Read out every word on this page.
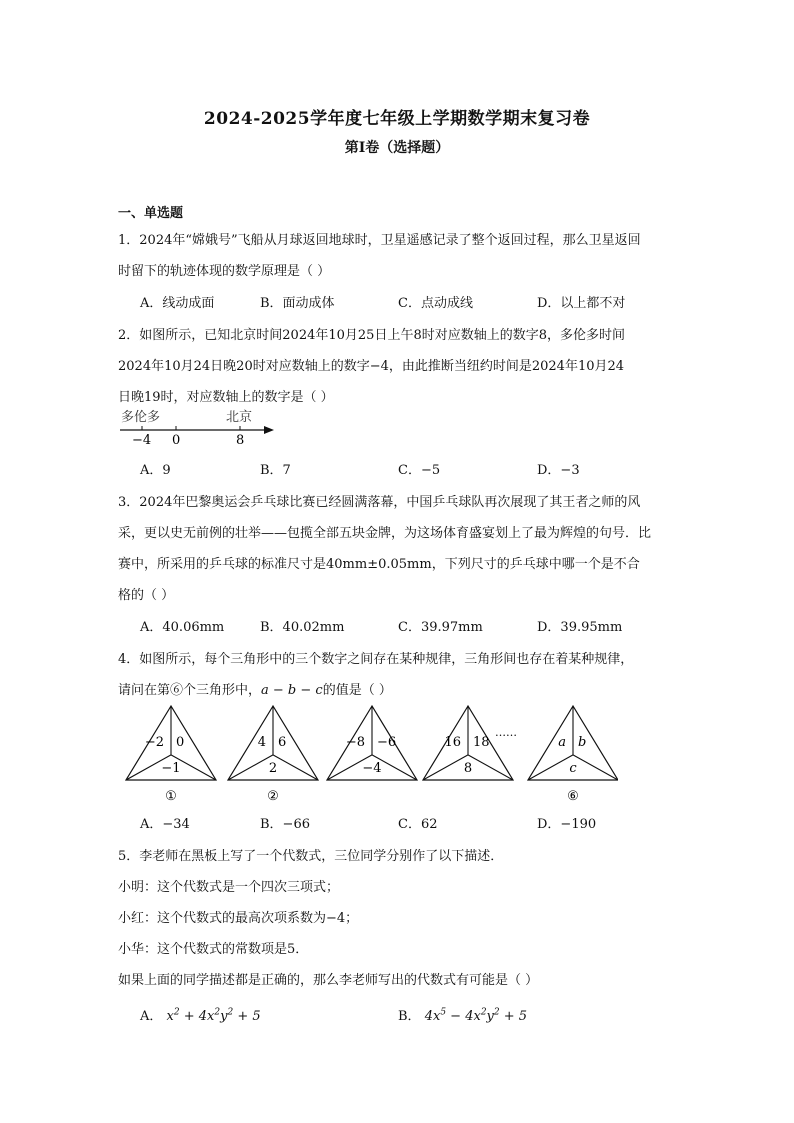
2024-2025学年度七年级上学期数学期末复习卷
第Ⅰ卷（选择题）
一、单选题
1．2024年“嫦娥号”飞船从月球返回地球时，卫星遥感记录了整个返回过程，那么卫星返回
时留下的轨迹体现的数学原理是（ ）
A．线动成面	B．面动成体	C．点动成线	D．以上都不对
2．如图所示，已知北京时间2024年10月25日上午8时对应数轴上的数字8，多伦多时间
2024年10月24日晚20时对应数轴上的数字−4，由此推断当纽约时间是2024年10月24
日晚19时，对应数轴上的数字是（ ）
多伦多	北京
−4 0	8
A．9	B．7	C．−5	D．−3
3．2024年巴黎奥运会乒乓球比赛已经圆满落幕，中国乒乓球队再次展现了其王者之师的风
采，更以史无前例的壮举——包揽全部五块金牌，为这场体育盛宴划上了最为辉煌的句号．比
赛中，所采用的乒乓球的标准尺寸是40mm±0.05mm，下列尺寸的乒乓球中哪一个是不合
格的（ ）
A．40.06mm	B．40.02mm	C．39.97mm	D．39.95mm
4．如图所示，每个三角形中的三个数字之间存在某种规律，三角形间也存在着某种规律，
请问在第⑥个三角形中，a − b − c的值是（ ）
−2 0
−1
①
4 6
2
②
−8 −6
−4
16 18
8
a b
c
⑥
……
A．−34	B．−66	C．62	D．−190
5．李老师在黑板上写了一个代数式，三位同学分别作了以下描述．
小明：这个代数式是一个四次三项式；
小红：这个代数式的最高次项系数为−4；
小华：这个代数式的常数项是5．
如果上面的同学描述都是正确的，那么李老师写出的代数式有可能是（ ）
A． $x^2 + 4x^2y^2 + 5$	B． $4x^5 - 4x^2y^2 + 5$
